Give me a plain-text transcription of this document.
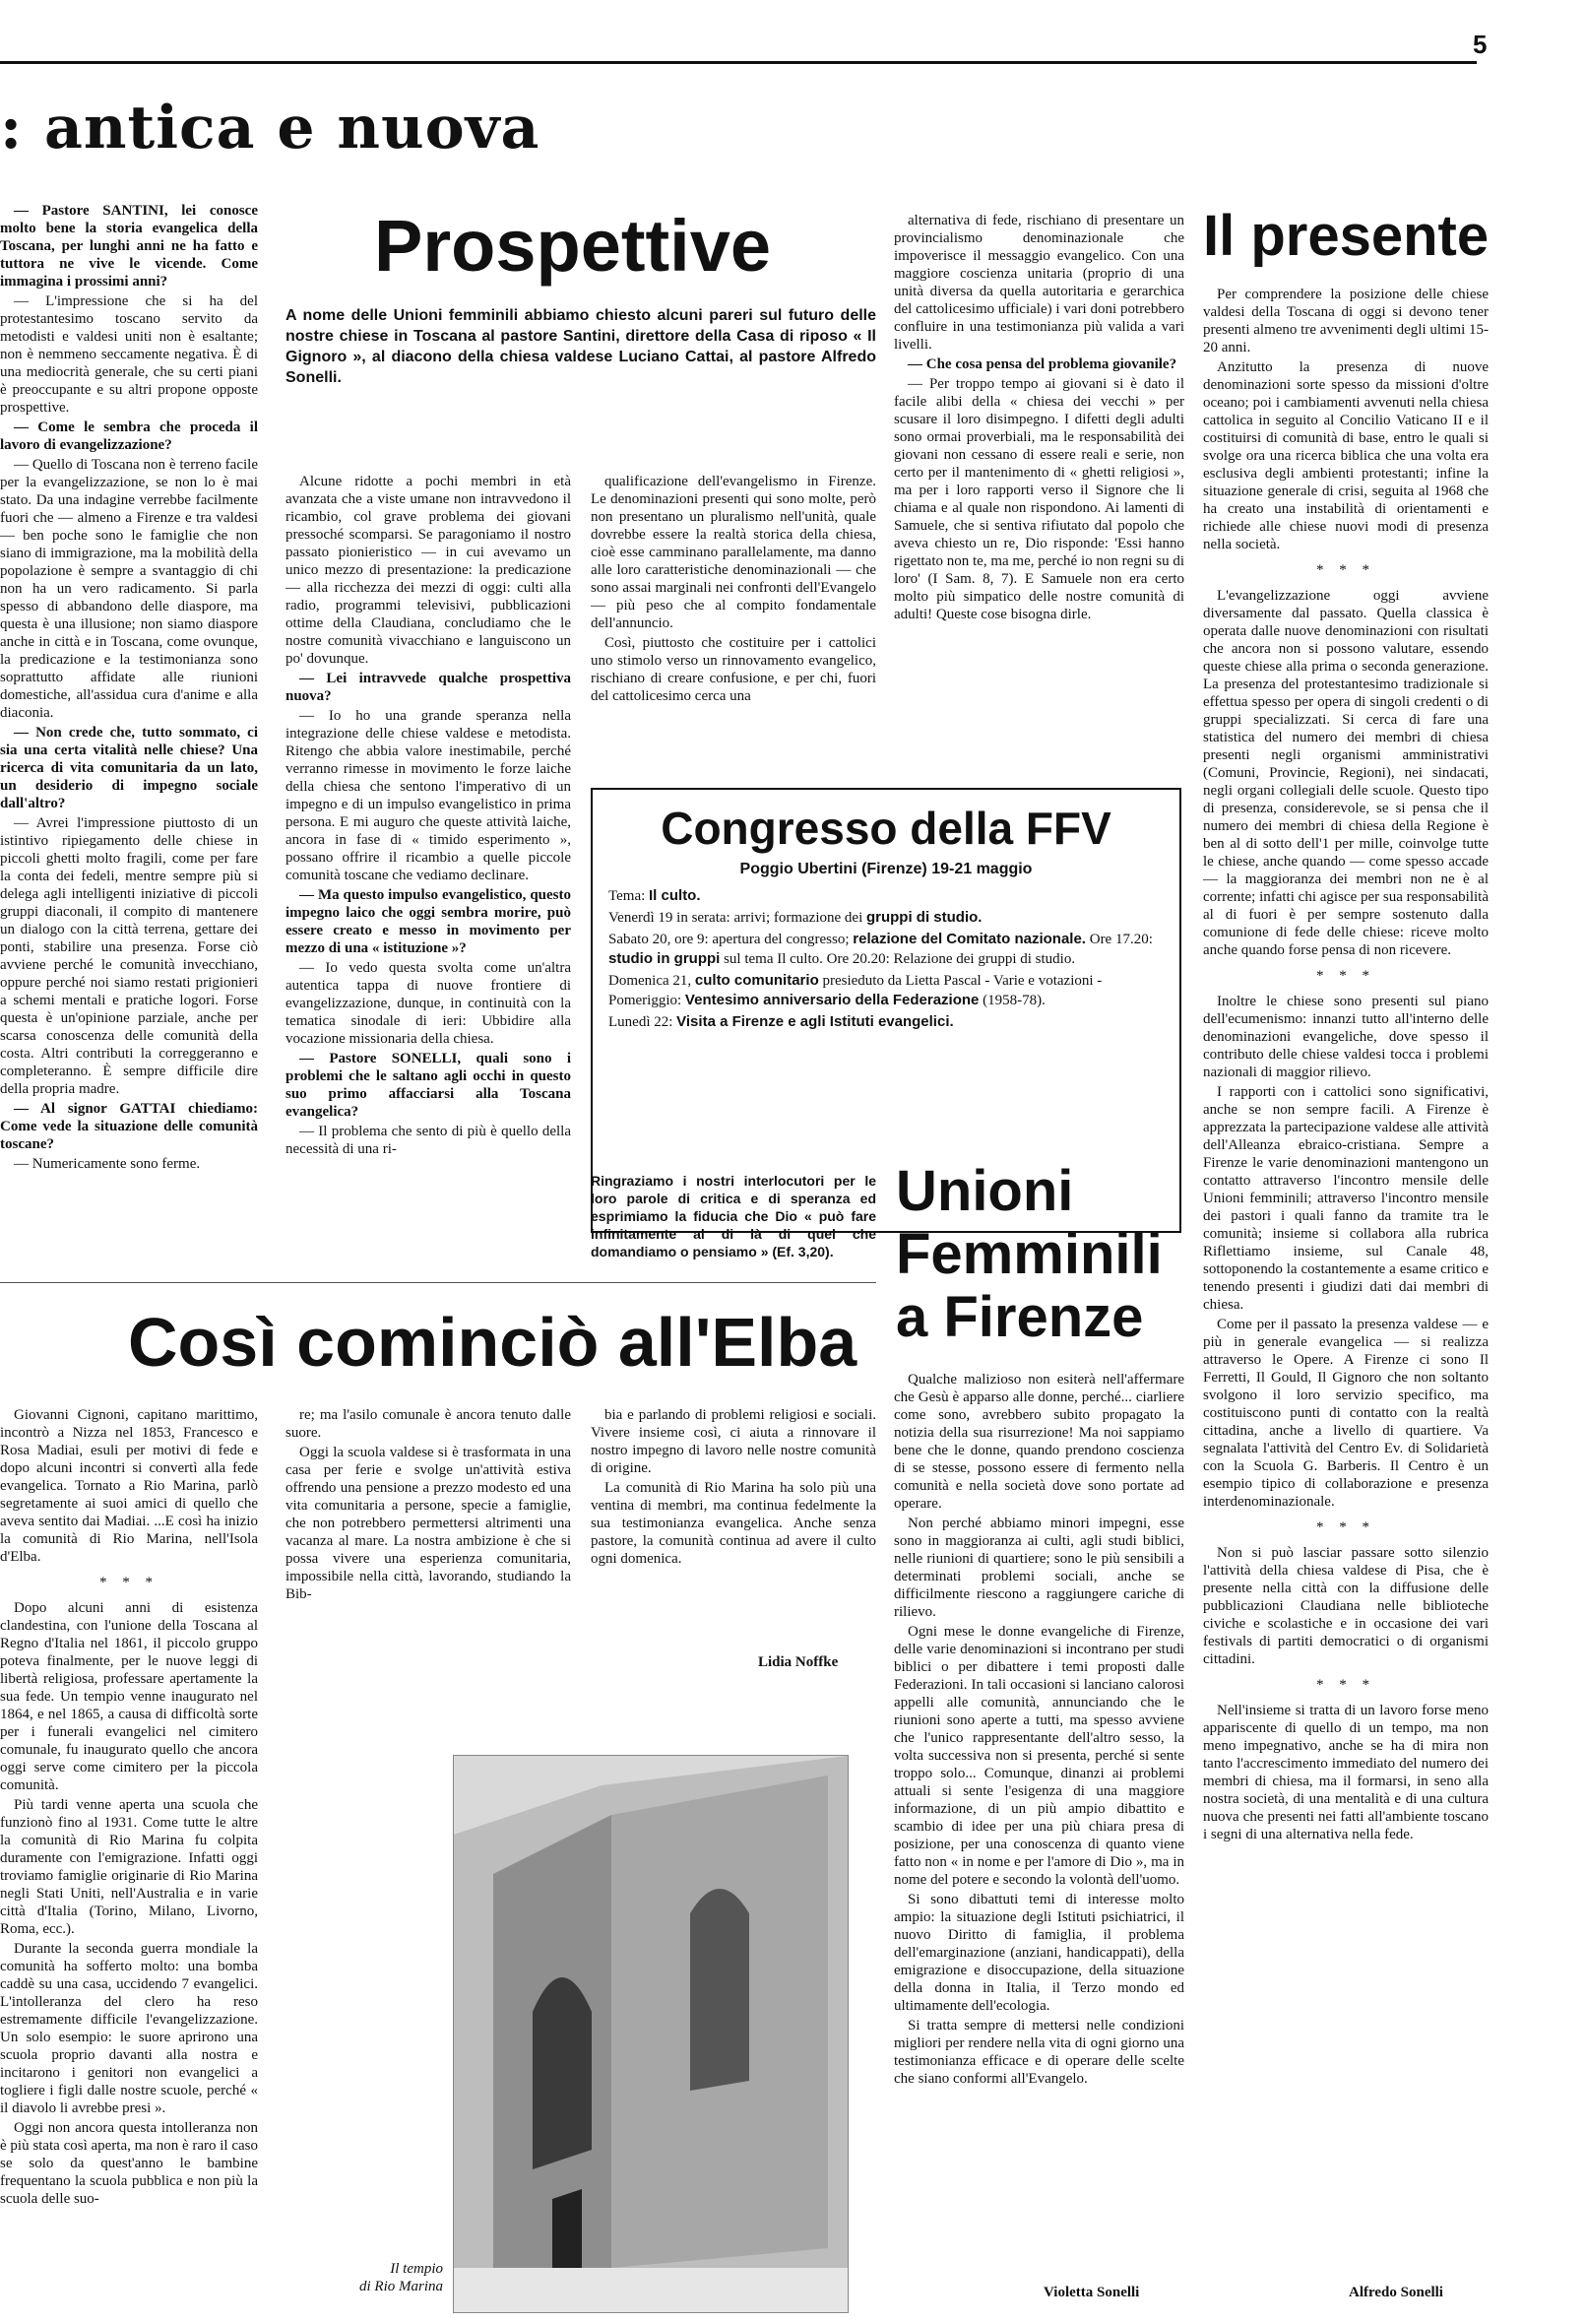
5
: antica e nuova

— Pastore SANTINI, lei conosce molto bene la storia evangelica della Toscana, per lunghi anni ne ha fatto e tuttora ne vive le vicende. Come immagina i prossimi anni?

— L'impressione che si ha del protestantesimo toscano servito da metodisti e valdesi uniti non è esaltante; non è nemmeno seccamente negativa. È di una mediocrità generale, che su certi piani è preoccupante e su altri propone opposte prospettive.

— Come le sembra che proceda il lavoro di evangelizzazione?

— Quello di Toscana non è terreno facile per la evangelizzazione, se non lo è mai stato. Da una indagine verrebbe facilmente fuori che — almeno a Firenze e tra valdesi — ben poche sono le famiglie che non siano di immigrazione, ma la mobilità della popolazione è sempre a svantaggio di chi non ha un vero radicamento. Si parla spesso di abbandono delle diaspore, ma questa è una illusione; non siamo diaspore anche in città e in Toscana, come ovunque, la predicazione e la testimonianza sono soprattutto affidate alle riunioni domestiche, all'assidua cura d'anime e alla diaconia.

— Non crede che, tutto sommato, ci sia una certa vitalità nelle chiese? Una ricerca di vita comunitaria da un lato, un desiderio di impegno sociale dall'altro?

— Avrei l'impressione piuttosto di un istintivo ripiegamento delle chiese in piccoli ghetti molto fragili, come per fare la conta dei fedeli, mentre sempre più si delega agli intelligenti iniziative di piccoli gruppi diaconali, il compito di mantenere un dialogo con la città terrena, gettare dei ponti, stabilire una presenza. Forse ciò avviene perché le comunità invecchiano, oppure perché noi siamo restati prigionieri a schemi mentali e pratiche logori. Forse questa è un'opinione parziale, anche per scarsa conoscenza delle comunità della costa. Altri contributi la correggeranno e completeranno. È sempre difficile dire della propria madre.

— Al signor GATTAI chiediamo: Come vede la situazione delle comunità toscane?

— Numericamente sono ferme.

Prospettive
A nome delle Unioni femminili abbiamo chiesto alcuni pareri sul futuro delle nostre chiese in Toscana al pastore Santini, direttore della Casa di riposo « Il Gignoro », al diacono della chiesa valdese Luciano Cattai, al pastore Alfredo Sonelli.

Alcune ridotte a pochi membri in età avanzata che a viste umane non intravvedono il ricambio, col grave problema dei giovani pressoché scomparsi. Se paragoniamo il nostro passato pionieristico — in cui avevamo un unico mezzo di presentazione: la predicazione — alla ricchezza dei mezzi di oggi: culti alla radio, programmi televisivi, pubblicazioni ottime della Claudiana, concludiamo che le nostre comunità vivacchiano e languiscono un po' dovunque.

— Lei intravvede qualche prospettiva nuova?

— Io ho una grande speranza nella integrazione delle chiese valdese e metodista. Ritengo che abbia valore inestimabile, perché verranno rimesse in movimento le forze laiche della chiesa che sentono l'imperativo di un impegno e di un impulso evangelistico in prima persona. E mi auguro che queste attività laiche, ancora in fase di « timido esperimento », possano offrire il ricambio a quelle piccole comunità toscane che vediamo declinare.

— Ma questo impulso evangelistico, questo impegno laico che oggi sembra morire, può essere creato e messo in movimento per mezzo di una « istituzione »?

— Io vedo questa svolta come un'altra autentica tappa di nuove frontiere di evangelizzazione, dunque, in continuità con la tematica sinodale di ieri: Ubbidire alla vocazione missionaria della chiesa.

— Pastore SONELLI, quali sono i problemi che le saltano agli occhi in questo suo primo affacciarsi alla Toscana evangelica?

— Il problema che sento di più è quello della necessità di una ri-

qualificazione dell'evangelismo in Firenze. Le denominazioni presenti qui sono molte, però non presentano un pluralismo nell'unità, quale dovrebbe essere la realtà storica della chiesa, cioè esse camminano parallelamente, ma danno alle loro caratteristiche denominazionali — che sono assai marginali nei confronti dell'Evangelo — più peso che al compito fondamentale dell'annuncio.

Così, piuttosto che costituire per i cattolici uno stimolo verso un rinnovamento evangelico, rischiano di creare confusione, e per chi, fuori del cattolicesimo cerca una

alternativa di fede, rischiano di presentare un provincialismo denominazionale che impoverisce il messaggio evangelico. Con una maggiore coscienza unitaria (proprio di una unità diversa da quella autoritaria e gerarchica del cattolicesimo ufficiale) i vari doni potrebbero confluire in una testimonianza più valida a vari livelli.

— Che cosa pensa del problema giovanile?

— Per troppo tempo ai giovani si è dato il facile alibi della « chiesa dei vecchi » per scusare il loro disimpegno. I difetti degli adulti sono ormai proverbiali, ma le responsabilità dei giovani non cessano di essere reali e serie, non certo per il mantenimento di « ghetti religiosi », ma per i loro rapporti verso il Signore che li chiama e al quale non rispondono. Ai lamenti di Samuele, che si sentiva rifiutato dal popolo che aveva chiesto un re, Dio risponde: 'Essi hanno rigettato non te, ma me, perché io non regni su di loro' (I Sam. 8, 7). E Samuele non era certo molto più simpatico delle nostre comunità di adulti! Queste cose bisogna dirle.

Congresso della FFV
Poggio Ubertini (Firenze) 19-21 maggio
Tema: Il culto.
Venerdì 19 in serata: arrivi; formazione dei gruppi di studio.
Sabato 20, ore 9: apertura del congresso; relazione del Comitato nazionale. Ore 17.20: studio in gruppi sul tema Il culto. Ore 20.20: Relazione dei gruppi di studio.
Domenica 21, culto comunitario presieduto da Lietta Pascal - Varie e votazioni - Pomeriggio: Ventesimo anniversario della Federazione (1958-78).
Lunedì 22: Visita a Firenze e agli Istituti evangelici.
Ringraziamo i nostri interlocutori per le loro parole di critica e di speranza ed esprimiamo la fiducia che Dio « può fare infinitamente al di là di quel che domandiamo o pensiamo » (Ef. 3,20).
Unioni
Femminili
a Firenze
Il presente

Per comprendere la posizione delle chiese valdesi della Toscana di oggi si devono tener presenti almeno tre avvenimenti degli ultimi 15-20 anni.

Anzitutto la presenza di nuove denominazioni sorte spesso da missioni d'oltre oceano; poi i cambiamenti avvenuti nella chiesa cattolica in seguito al Concilio Vaticano II e il costituirsi di comunità di base, entro le quali si svolge ora una ricerca biblica che una volta era esclusiva degli ambienti protestanti; infine la situazione generale di crisi, seguita al 1968 che ha creato una instabilità di orientamenti e richiede alle chiese nuovi modi di presenza nella società.

* * *

L'evangelizzazione oggi avviene diversamente dal passato. Quella classica è operata dalle nuove denominazioni con risultati che ancora non si possono valutare, essendo queste chiese alla prima o seconda generazione. La presenza del protestantesimo tradizionale si effettua spesso per opera di singoli credenti o di gruppi specializzati. Si cerca di fare una statistica del numero dei membri di chiesa presenti negli organismi amministrativi (Comuni, Provincie, Regioni), nei sindacati, negli organi collegiali delle scuole. Questo tipo di presenza, considerevole, se si pensa che il numero dei membri di chiesa della Regione è ben al di sotto dell'1 per mille, coinvolge tutte le chiese, anche quando — come spesso accade — la maggioranza dei membri non ne è al corrente; infatti chi agisce per sua responsabilità al di fuori è per sempre sostenuto dalla comunione di fede delle chiese: riceve molto anche quando forse pensa di non ricevere.

* * *

Inoltre le chiese sono presenti sul piano dell'ecumenismo: innanzi tutto all'interno delle denominazioni evangeliche, dove spesso il contributo delle chiese valdesi tocca i problemi nazionali di maggior rilievo.

I rapporti con i cattolici sono significativi, anche se non sempre facili. A Firenze è apprezzata la partecipazione valdese alle attività dell'Alleanza ebraico-cristiana. Sempre a Firenze le varie denominazioni mantengono un contatto attraverso l'incontro mensile delle Unioni femminili; attraverso l'incontro mensile dei pastori i quali fanno da tramite tra le comunità; insieme si collabora alla rubrica Riflettiamo insieme, sul Canale 48, sottoponendo la costantemente a esame critico e tenendo presenti i giudizi dati dai membri di chiesa.

Come per il passato la presenza valdese — e più in generale evangelica — si realizza attraverso le Opere. A Firenze ci sono Il Ferretti, Il Gould, Il Gignoro che non soltanto svolgono il loro servizio specifico, ma costituiscono punti di contatto con la realtà cittadina, anche a livello di quartiere. Va segnalata l'attività del Centro Ev. di Solidarietà con la Scuola G. Barberis. Il Centro è un esempio tipico di collaborazione e presenza interdenominazionale.

* * *

Non si può lasciar passare sotto silenzio l'attività della chiesa valdese di Pisa, che è presente nella città con la diffusione delle pubblicazioni Claudiana nelle biblioteche civiche e scolastiche e in occasione dei vari festivals di partiti democratici o di organismi cittadini.

* * *

Nell'insieme si tratta di un lavoro forse meno appariscente di quello di un tempo, ma non meno impegnativo, anche se ha di mira non tanto l'accrescimento immediato del numero dei membri di chiesa, ma il formarsi, in seno alla nostra società, di una mentalità e di una cultura nuova che presenti nei fatti all'ambiente toscano i segni di una alternativa nella fede.

Alfredo Sonelli
Così cominciò all'Elba

Giovanni Cignoni, capitano marittimo, incontrò a Nizza nel 1853, Francesco e Rosa Madiai, esuli per motivi di fede e dopo alcuni incontri si convertì alla fede evangelica. Tornato a Rio Marina, parlò segretamente ai suoi amici di quello che aveva sentito dai Madiai. ...E così ha inizio la comunità di Rio Marina, nell'Isola d'Elba.

* * *

Dopo alcuni anni di esistenza clandestina, con l'unione della Toscana al Regno d'Italia nel 1861, il piccolo gruppo poteva finalmente, per le nuove leggi di libertà religiosa, professare apertamente la sua fede. Un tempio venne inaugurato nel 1864, e nel 1865, a causa di difficoltà sorte per i funerali evangelici nel cimitero comunale, fu inaugurato quello che ancora oggi serve come cimitero per la piccola comunità.

Più tardi venne aperta una scuola che funzionò fino al 1931. Come tutte le altre la comunità di Rio Marina fu colpita duramente con l'emigrazione. Infatti oggi troviamo famiglie originarie di Rio Marina negli Stati Uniti, nell'Australia e in varie città d'Italia (Torino, Milano, Livorno, Roma, ecc.).

Durante la seconda guerra mondiale la comunità ha sofferto molto: una bomba caddè su una casa, uccidendo 7 evangelici. L'intolleranza del clero ha reso estremamente difficile l'evangelizzazione. Un solo esempio: le suore aprirono una scuola proprio davanti alla nostra e incitarono i genitori non evangelici a togliere i figli dalle nostre scuole, perché « il diavolo li avrebbe presi ».

Oggi non ancora questa intolleranza non è più stata così aperta, ma non è raro il caso se solo da quest'anno le bambine frequentano la scuola pubblica e non più la scuola delle suo-

re; ma l'asilo comunale è ancora tenuto dalle suore.

Oggi la scuola valdese si è trasformata in una casa per ferie e svolge un'attività estiva offrendo una pensione a prezzo modesto ed una vita comunitaria a persone, specie a famiglie, che non potrebbero permettersi altrimenti una vacanza al mare. La nostra ambizione è che si possa vivere una esperienza comunitaria, impossibile nella città, lavorando, studiando la Bib-

bia e parlando di problemi religiosi e sociali. Vivere insieme così, ci aiuta a rinnovare il nostro impegno di lavoro nelle nostre comunità di origine.

La comunità di Rio Marina ha solo più una ventina di membri, ma continua fedelmente la sua testimonianza evangelica. Anche senza pastore, la comunità continua ad avere il culto ogni domenica.

Lidia Noffke
Il tempio
di Rio Marina

Qualche malizioso non esiterà nell'affermare che Gesù è apparso alle donne, perché... ciarliere come sono, avrebbero subito propagato la notizia della sua risurrezione! Ma noi sappiamo bene che le donne, quando prendono coscienza di se stesse, possono essere di fermento nella comunità e nella società dove sono portate ad operare.

Non perché abbiamo minori impegni, esse sono in maggioranza ai culti, agli studi biblici, nelle riunioni di quartiere; sono le più sensibili a determinati problemi sociali, anche se difficilmente riescono a raggiungere cariche di rilievo.

Ogni mese le donne evangeliche di Firenze, delle varie denominazioni si incontrano per studi biblici o per dibattere i temi proposti dalle Federazioni. In tali occasioni si lanciano calorosi appelli alle comunità, annunciando che le riunioni sono aperte a tutti, ma spesso avviene che l'unico rappresentante dell'altro sesso, la volta successiva non si presenta, perché si sente troppo solo... Comunque, dinanzi ai problemi attuali si sente l'esigenza di una maggiore informazione, di un più ampio dibattito e scambio di idee per una più chiara presa di posizione, per una conoscenza di quanto viene fatto non « in nome e per l'amore di Dio », ma in nome del potere e secondo la volontà dell'uomo.

Si sono dibattuti temi di interesse molto ampio: la situazione degli Istituti psichiatrici, il nuovo Diritto di famiglia, il problema dell'emarginazione (anziani, handicappati), della emigrazione e disoccupazione, della situazione della donna in Italia, il Terzo mondo ed ultimamente dell'ecologia.

Si tratta sempre di mettersi nelle condizioni migliori per rendere nella vita di ogni giorno una testimonianza efficace e di operare delle scelte che siano conformi all'Evangelo.

Violetta Sonelli
